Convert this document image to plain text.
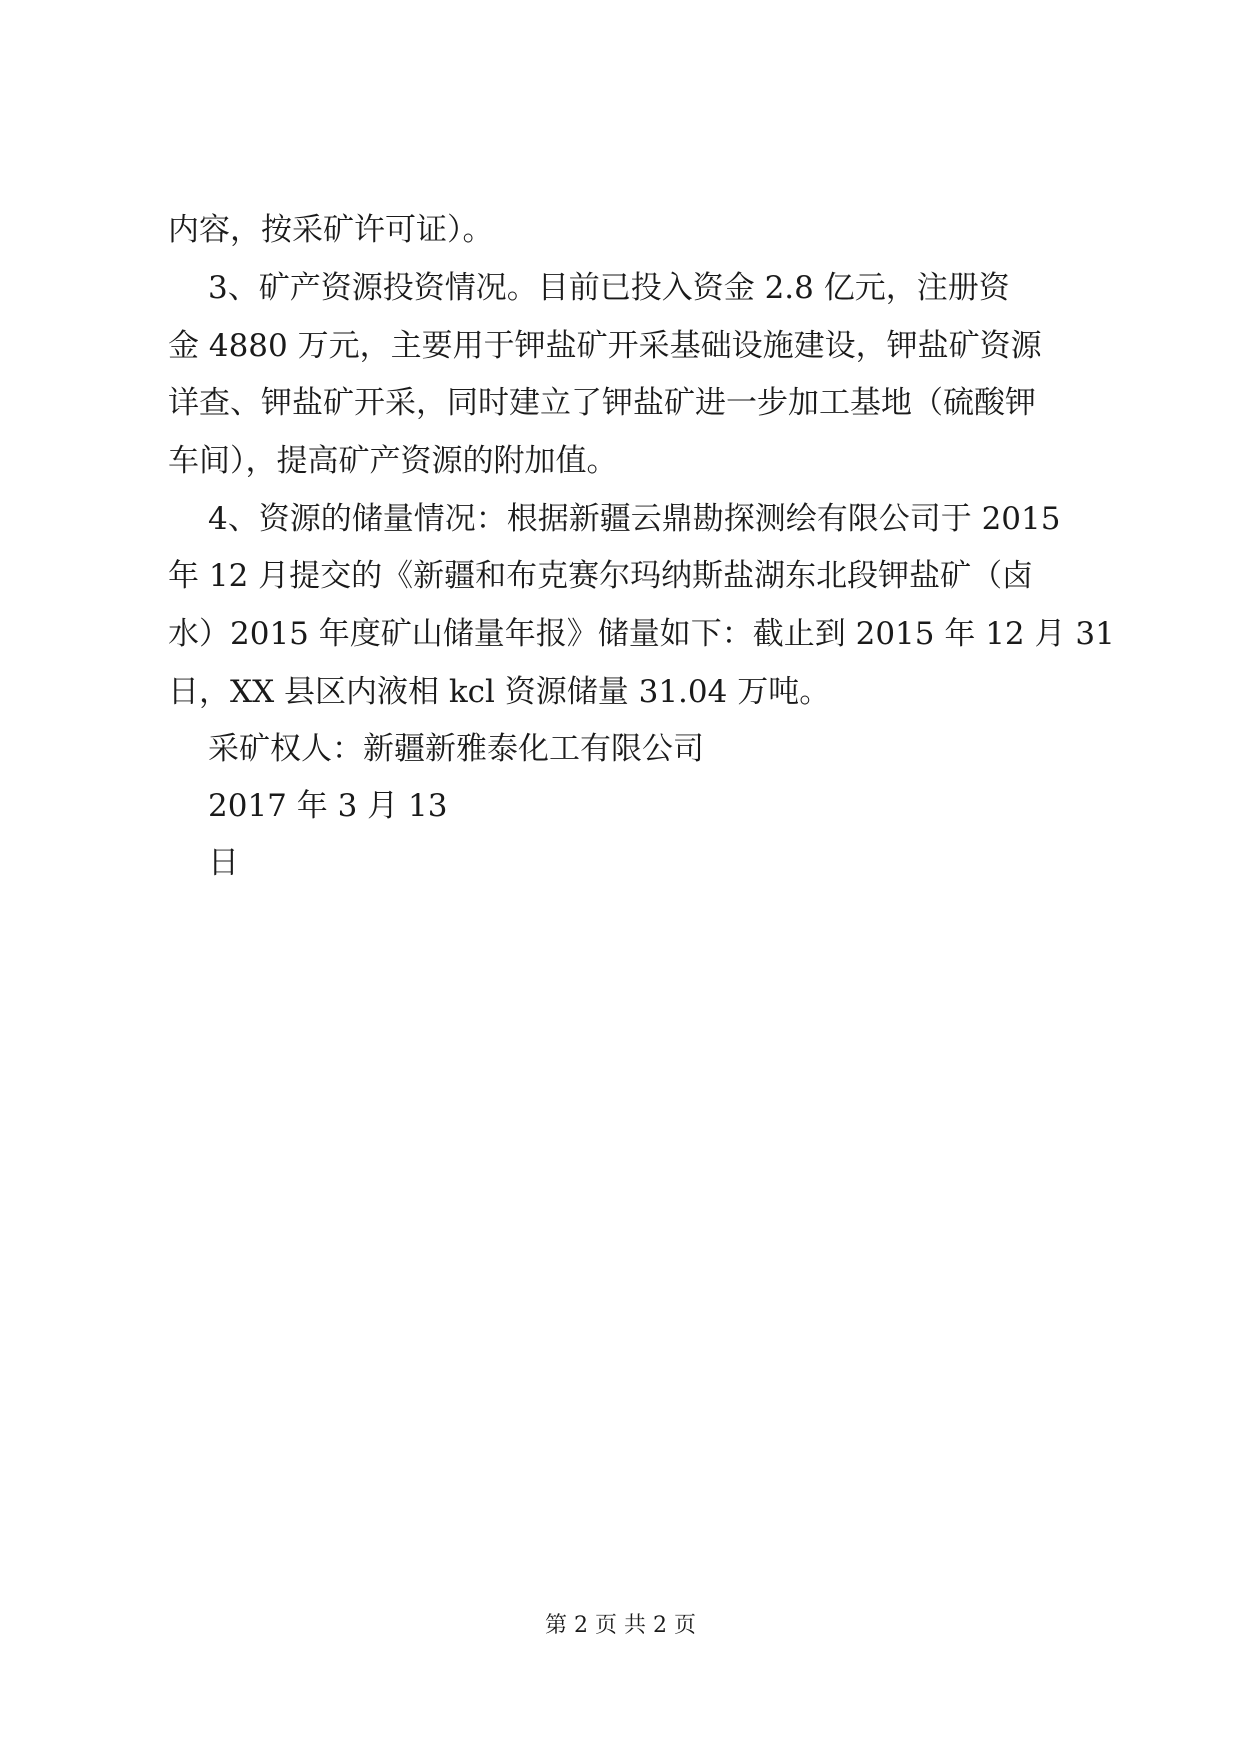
内容，按采矿许可证）。
3、矿产资源投资情况。目前已投入资金 2.8 亿元，注册资
金 4880 万元，主要用于钾盐矿开采基础设施建设，钾盐矿资源
详查、钾盐矿开采，同时建立了钾盐矿进一步加工基地（硫酸钾
车间），提高矿产资源的附加值。
4、资源的储量情况：根据新疆云鼎勘探测绘有限公司于 2015
年 12 月提交的《新疆和布克赛尔玛纳斯盐湖东北段钾盐矿（卤
水）2015 年度矿山储量年报》储量如下：截止到 2015 年 12 月 31
日，XX 县区内液相 kcl 资源储量 31.04 万吨。
采矿权人：新疆新雅泰化工有限公司
2017 年 3 月 13
日
第 2 页 共 2 页
